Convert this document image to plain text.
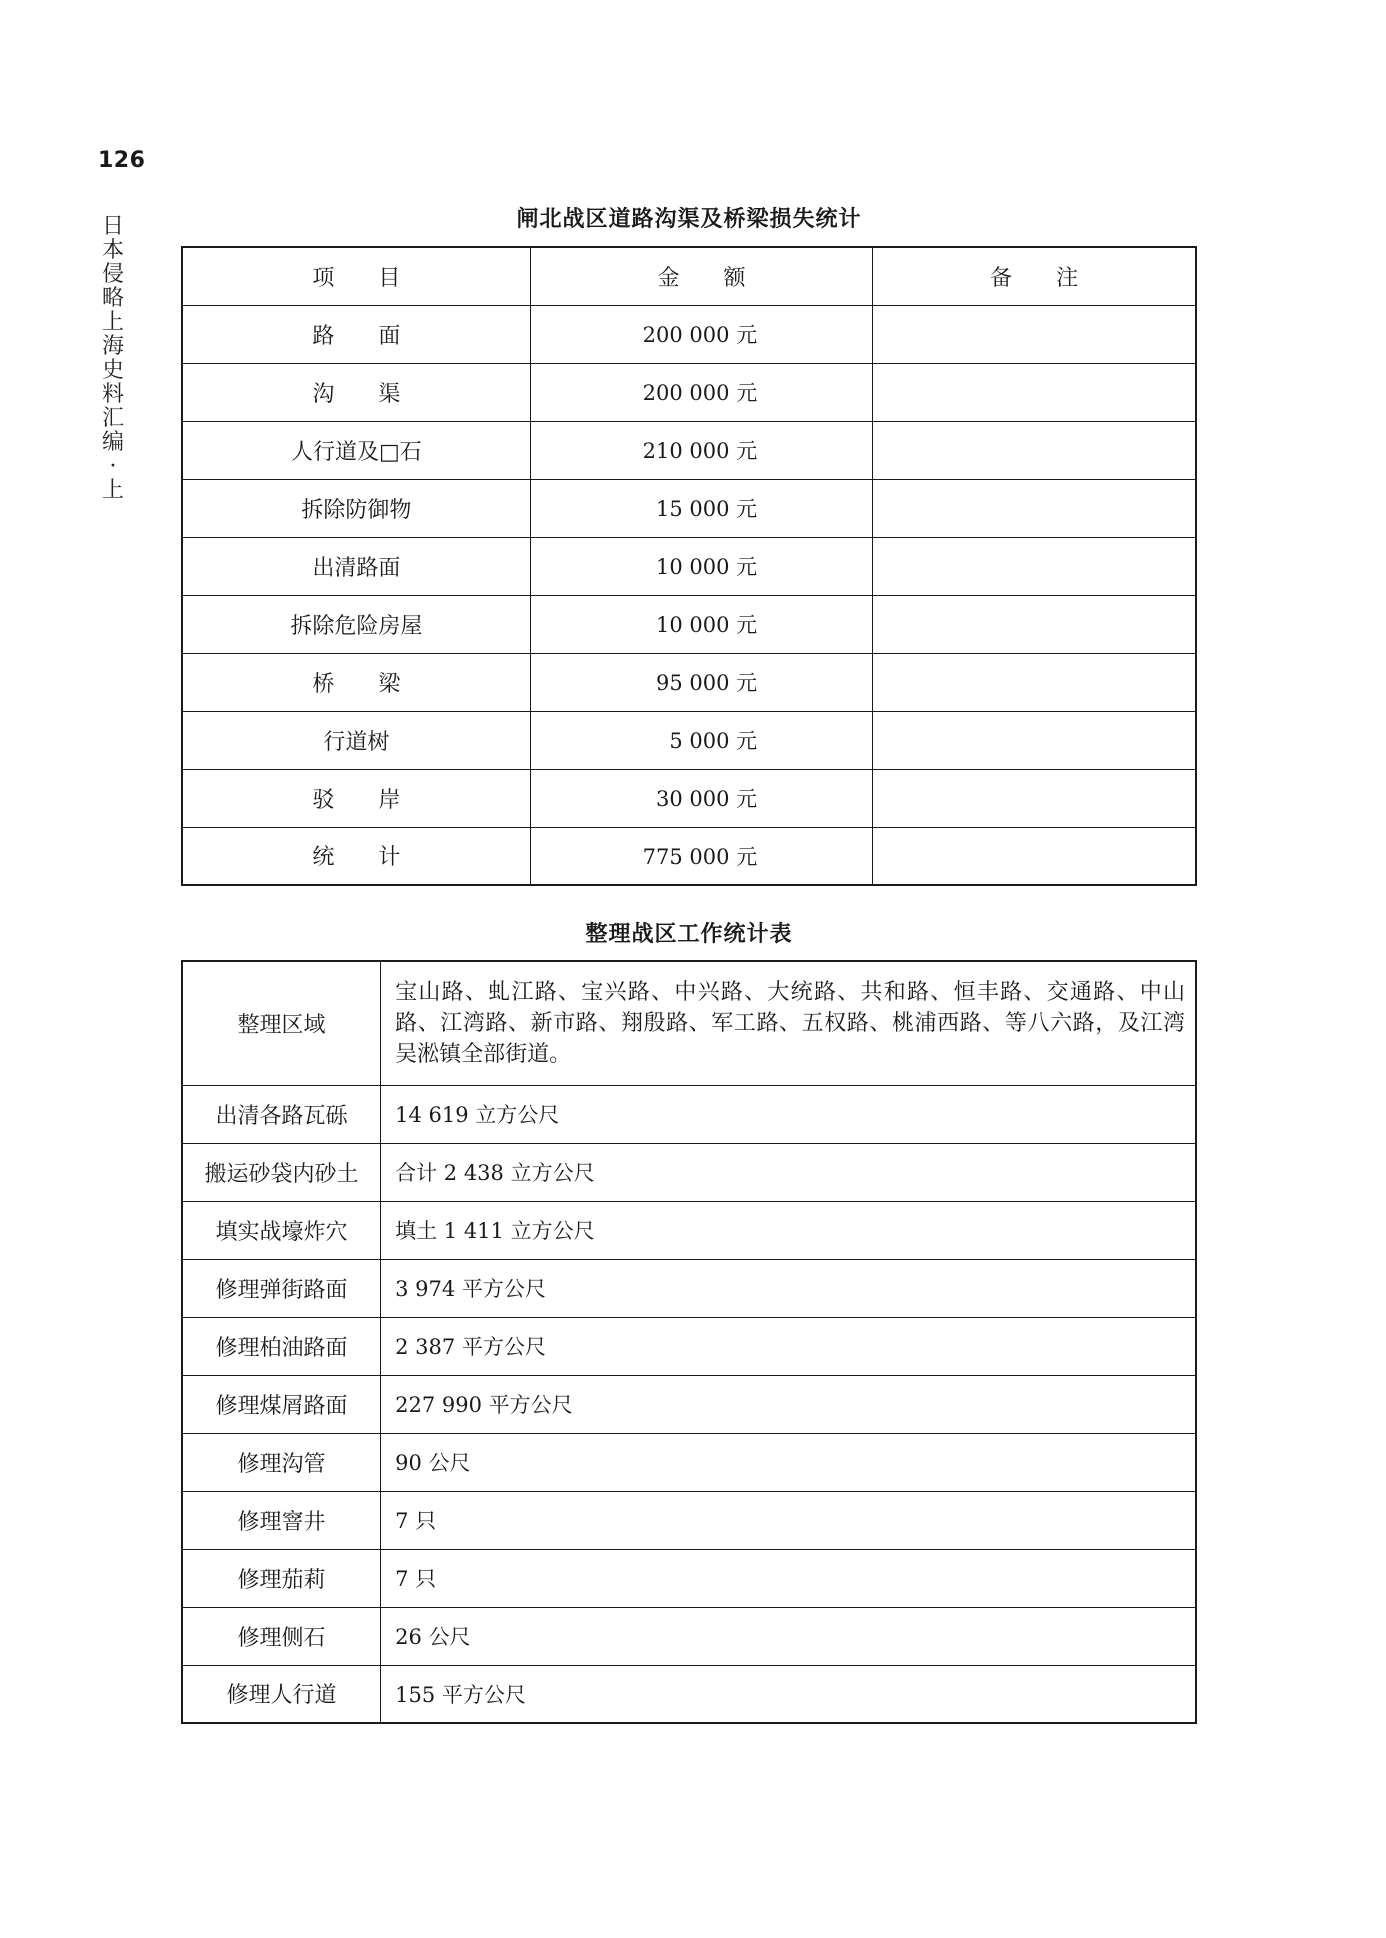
126
日本侵略上海史料汇编·上
闸北战区道路沟渠及桥梁损失统计
项　　目	金　　额	备　　注
路　　面	200 000 元	
沟　　渠	200 000 元	
人行道及□石	210 000 元	
拆除防御物	15 000 元	
出清路面	10 000 元	
拆除危险房屋	10 000 元	
桥　　梁	95 000 元	
行道树	5 000 元	
驳　　岸	30 000 元	
统　　计	775 000 元	
整理战区工作统计表
整理区域	宝山路、虬江路、宝兴路、中兴路、大统路、共和路、恒丰路、交通路、中山路、江湾路、新市路、翔殷路、军工路、五权路、桃浦西路、等八六路，及江湾吴淞镇全部街道。
出清各路瓦砾	14 619 立方公尺
搬运砂袋内砂土	合计 2 438 立方公尺
填实战壕炸穴	填土 1 411 立方公尺
修理弹街路面	3 974 平方公尺
修理柏油路面	2 387 平方公尺
修理煤屑路面	227 990 平方公尺
修理沟管	90 公尺
修理窨井	7 只
修理茄莉	7 只
修理侧石	26 公尺
修理人行道	155 平方公尺
